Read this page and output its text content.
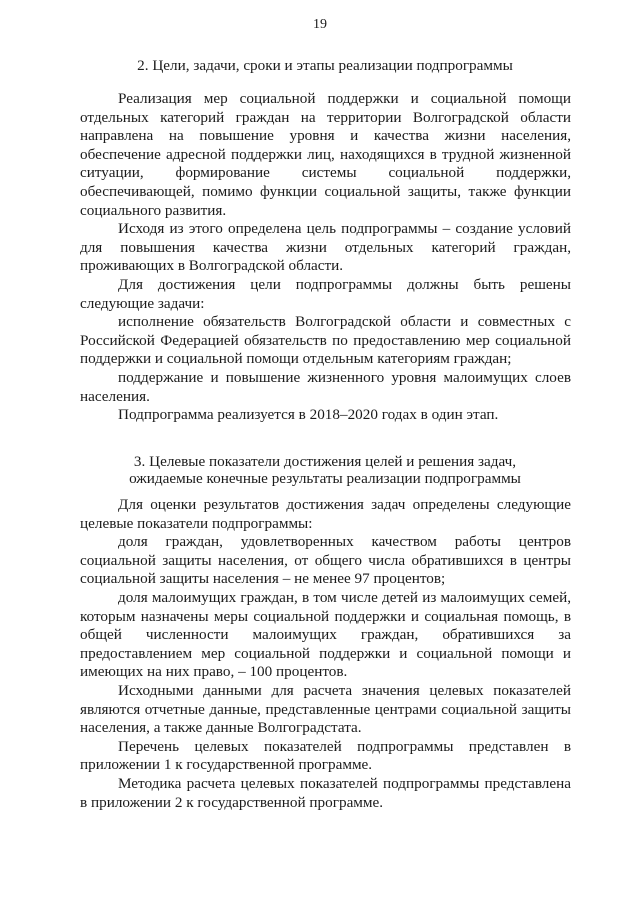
19
2. Цели, задачи, сроки и этапы реализации подпрограммы

Реализация мер социальной поддержки и социальной помощи отдельных категорий граждан на территории Волгоградской области направлена на повышение уровня и качества жизни населения, обеспечение адресной поддержки лиц, находящихся в трудной жизненной ситуации, формирование системы социальной поддержки, обеспечивающей, помимо функции социальной защиты, также функции социального развития.

Исходя из этого определена цель подпрограммы – создание условий для повышения качества жизни отдельных категорий граждан, проживающих в Волгоградской области.

Для достижения цели подпрограммы должны быть решены следующие задачи:

исполнение обязательств Волгоградской области и совместных с Российской Федерацией обязательств по предоставлению мер социальной поддержки и социальной помощи отдельным категориям граждан;

поддержание и повышение жизненного уровня малоимущих слоев населения.

Подпрограмма реализуется в 2018–2020 годах в один этап.

3. Целевые показатели достижения целей и решения задач,
ожидаемые конечные результаты реализации подпрограммы

Для оценки результатов достижения задач определены следующие целевые показатели подпрограммы:

доля граждан, удовлетворенных качеством работы центров социальной защиты населения, от общего числа обратившихся в центры социальной защиты населения – не менее 97 процентов;

доля малоимущих граждан, в том числе детей из малоимущих семей, которым назначены меры социальной поддержки и социальная помощь, в общей численности малоимущих граждан, обратившихся за предоставлением мер социальной поддержки и социальной помощи и имеющих на них право, – 100 процентов.

Исходными данными для расчета значения целевых показателей являются отчетные данные, представленные центрами социальной защиты населения, а также данные Волгоградстата.

Перечень целевых показателей подпрограммы представлен в приложении 1 к государственной программе.

Методика расчета целевых показателей подпрограммы представлена в приложении 2 к государственной программе.
